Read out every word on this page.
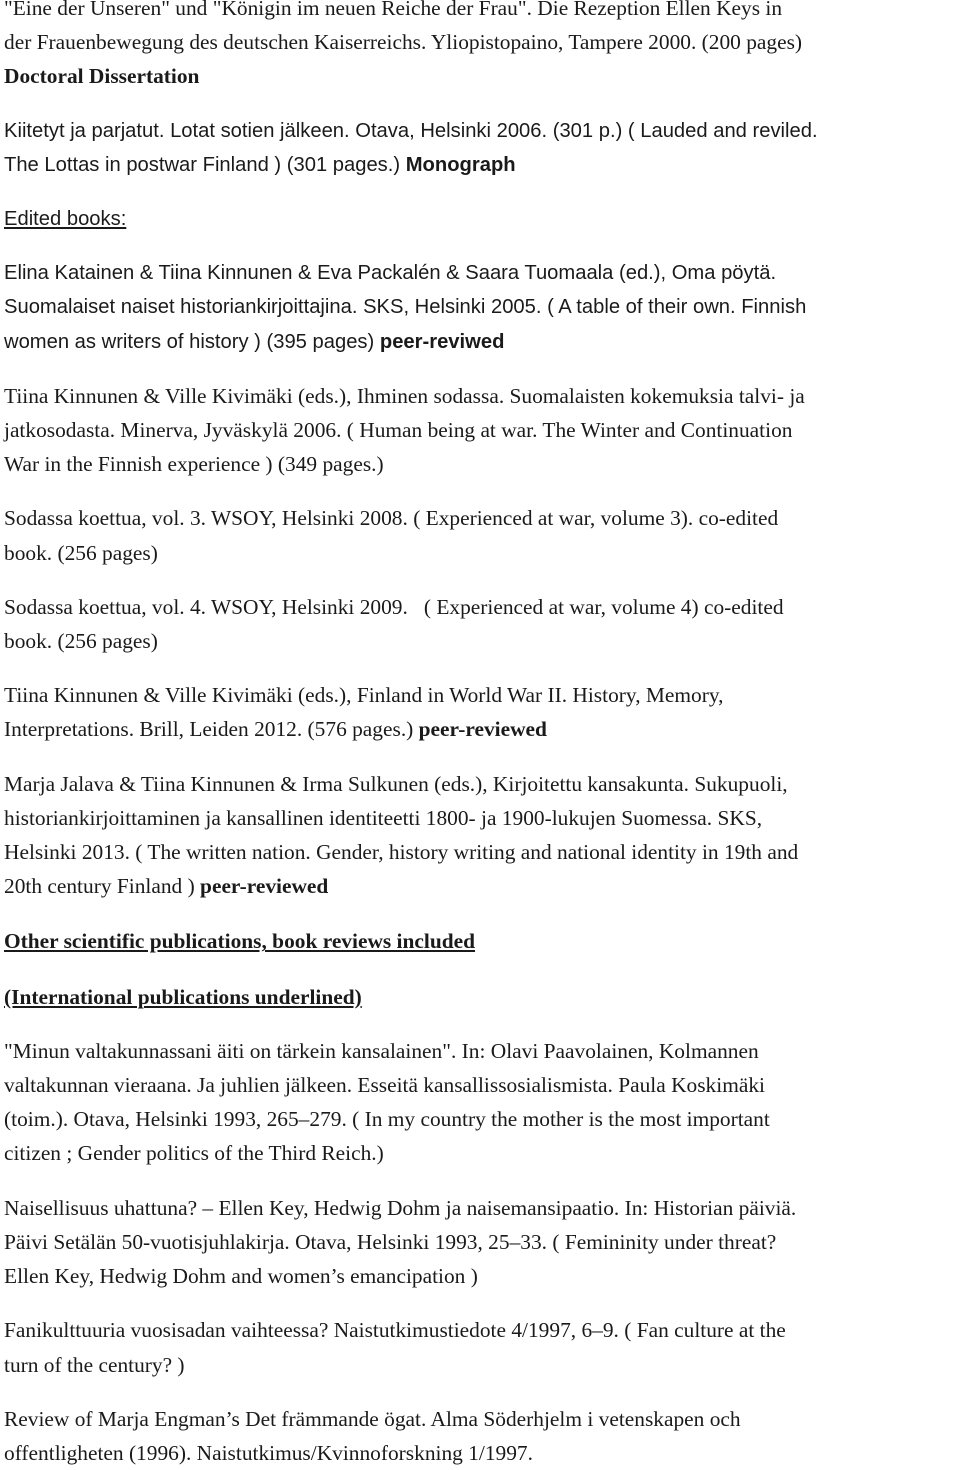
"Eine der Unseren" und "Königin im neuen Reiche der Frau". Die Rezeption Ellen Keys in

der Frauenbewegung des deutschen Kaiserreichs. Yliopistopaino, Tampere 2000. (200 pages)

Doctoral Dissertation

Kiitetyt ja parjatut. Lotat sotien jälkeen. Otava, Helsinki 2006. (301 p.) ( Lauded and reviled.

The Lottas in postwar Finland ) (301 pages.) Monograph

Edited books:

Elina Katainen & Tiina Kinnunen & Eva Packalén & Saara Tuomaala (ed.), Oma pöytä.

Suomalaiset naiset historiankirjoittajina. SKS, Helsinki 2005. ( A table of their own. Finnish

women as writers of history ) (395 pages) peer-reviwed

Tiina Kinnunen & Ville Kivimäki (eds.), Ihminen sodassa. Suomalaisten kokemuksia talvi- ja

jatkosodasta. Minerva, Jyväskylä 2006. ( Human being at war. The Winter and Continuation

War in the Finnish experience ) (349 pages.)

Sodassa koettua, vol. 3. WSOY, Helsinki 2008. ( Experienced at war, volume 3). co-edited

book. (256 pages)

Sodassa koettua, vol. 4. WSOY, Helsinki 2009.   ( Experienced at war, volume 4) co-edited

book. (256 pages)

Tiina Kinnunen & Ville Kivimäki (eds.), Finland in World War II. History, Memory,

Interpretations. Brill, Leiden 2012. (576 pages.) peer-reviewed

Marja Jalava & Tiina Kinnunen & Irma Sulkunen (eds.), Kirjoitettu kansakunta. Sukupuoli,

historiankirjoittaminen ja kansallinen identiteetti 1800- ja 1900-lukujen Suomessa. SKS,

Helsinki 2013. ( The written nation. Gender, history writing and national identity in 19th and

20th century Finland ) peer-reviewed

Other scientific publications, book reviews included

(International publications underlined)

"Minun valtakunnassani äiti on tärkein kansalainen". In: Olavi Paavolainen, Kolmannen

valtakunnan vieraana. Ja juhlien jälkeen. Esseitä kansallissosialismista. Paula Koskimäki

(toim.). Otava, Helsinki 1993, 265–279. ( In my country the mother is the most important

citizen ; Gender politics of the Third Reich.)

Naisellisuus uhattuna? – Ellen Key, Hedwig Dohm ja naisemansipaatio. In: Historian päiviä.

Päivi Setälän 50-vuotisjuhlakirja. Otava, Helsinki 1993, 25–33. ( Femininity under threat?

Ellen Key, Hedwig Dohm and women’s emancipation )

Fanikulttuuria vuosisadan vaihteessa? Naistutkimustiedote 4/1997, 6–9. ( Fan culture at the

turn of the century? )

Review of Marja Engman’s Det främmande ögat. Alma Söderhjelm i vetenskapen och

offentligheten (1996). Naistutkimus/Kvinnoforskning 1/1997.
